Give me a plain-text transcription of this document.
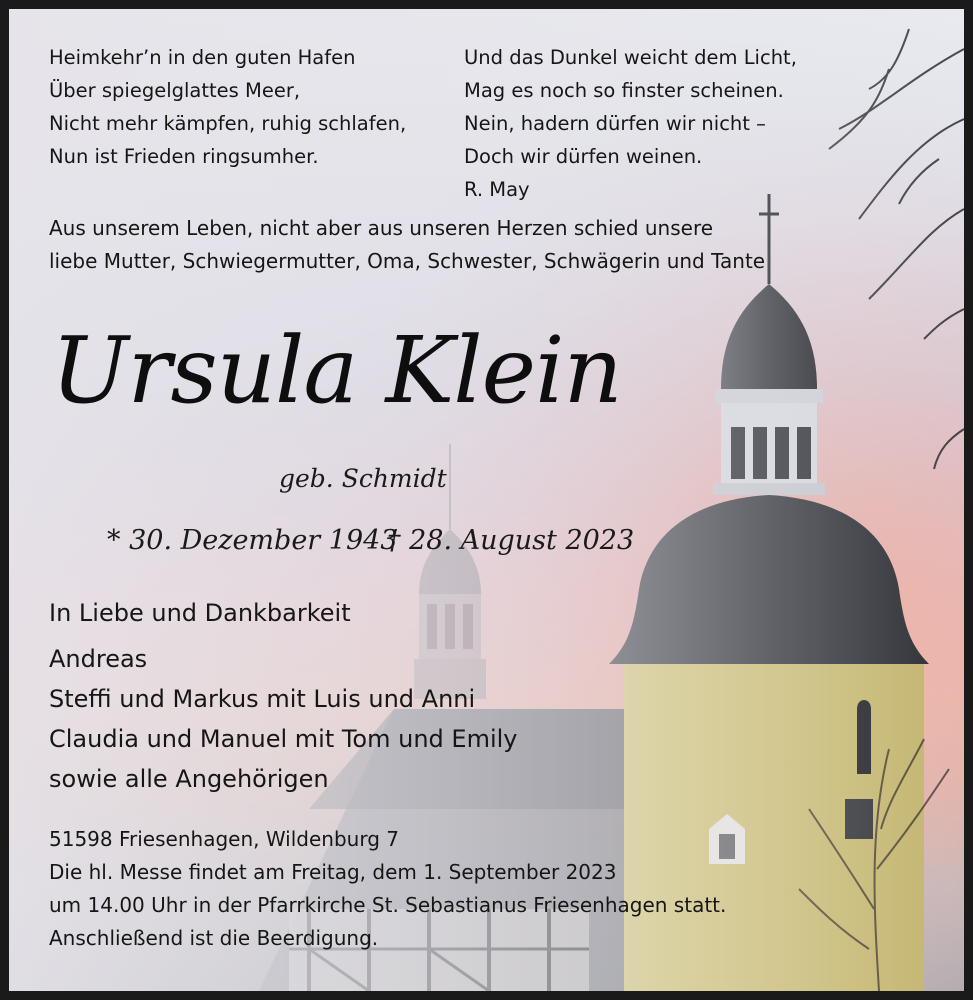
Heimkehr’n in den guten Hafen
Über spiegelglattes Meer,
Nicht mehr kämpfen, ruhig schlafen,
Nun ist Frieden ringsumher.
Und das Dunkel weicht dem Licht,
Mag es noch so finster scheinen.
Nein, hadern dürfen wir nicht –
Doch wir dürfen weinen.
R. May
Aus unserem Leben, nicht aber aus unseren Herzen schied unsere
liebe Mutter, Schwiegermutter, Oma, Schwester, Schwägerin und Tante
Ursula Klein
geb. Schmidt
* 30. Dezember 1943
† 28. August 2023
In Liebe und Dankbarkeit
Andreas
Steffi und Markus mit Luis und Anni
Claudia und Manuel mit Tom und Emily
sowie alle Angehörigen
51598 Friesenhagen, Wildenburg 7
Die hl. Messe findet am Freitag, dem 1. September 2023
um 14.00 Uhr in der Pfarrkirche St. Sebastianus Friesenhagen statt.
Anschließend ist die Beerdigung.
